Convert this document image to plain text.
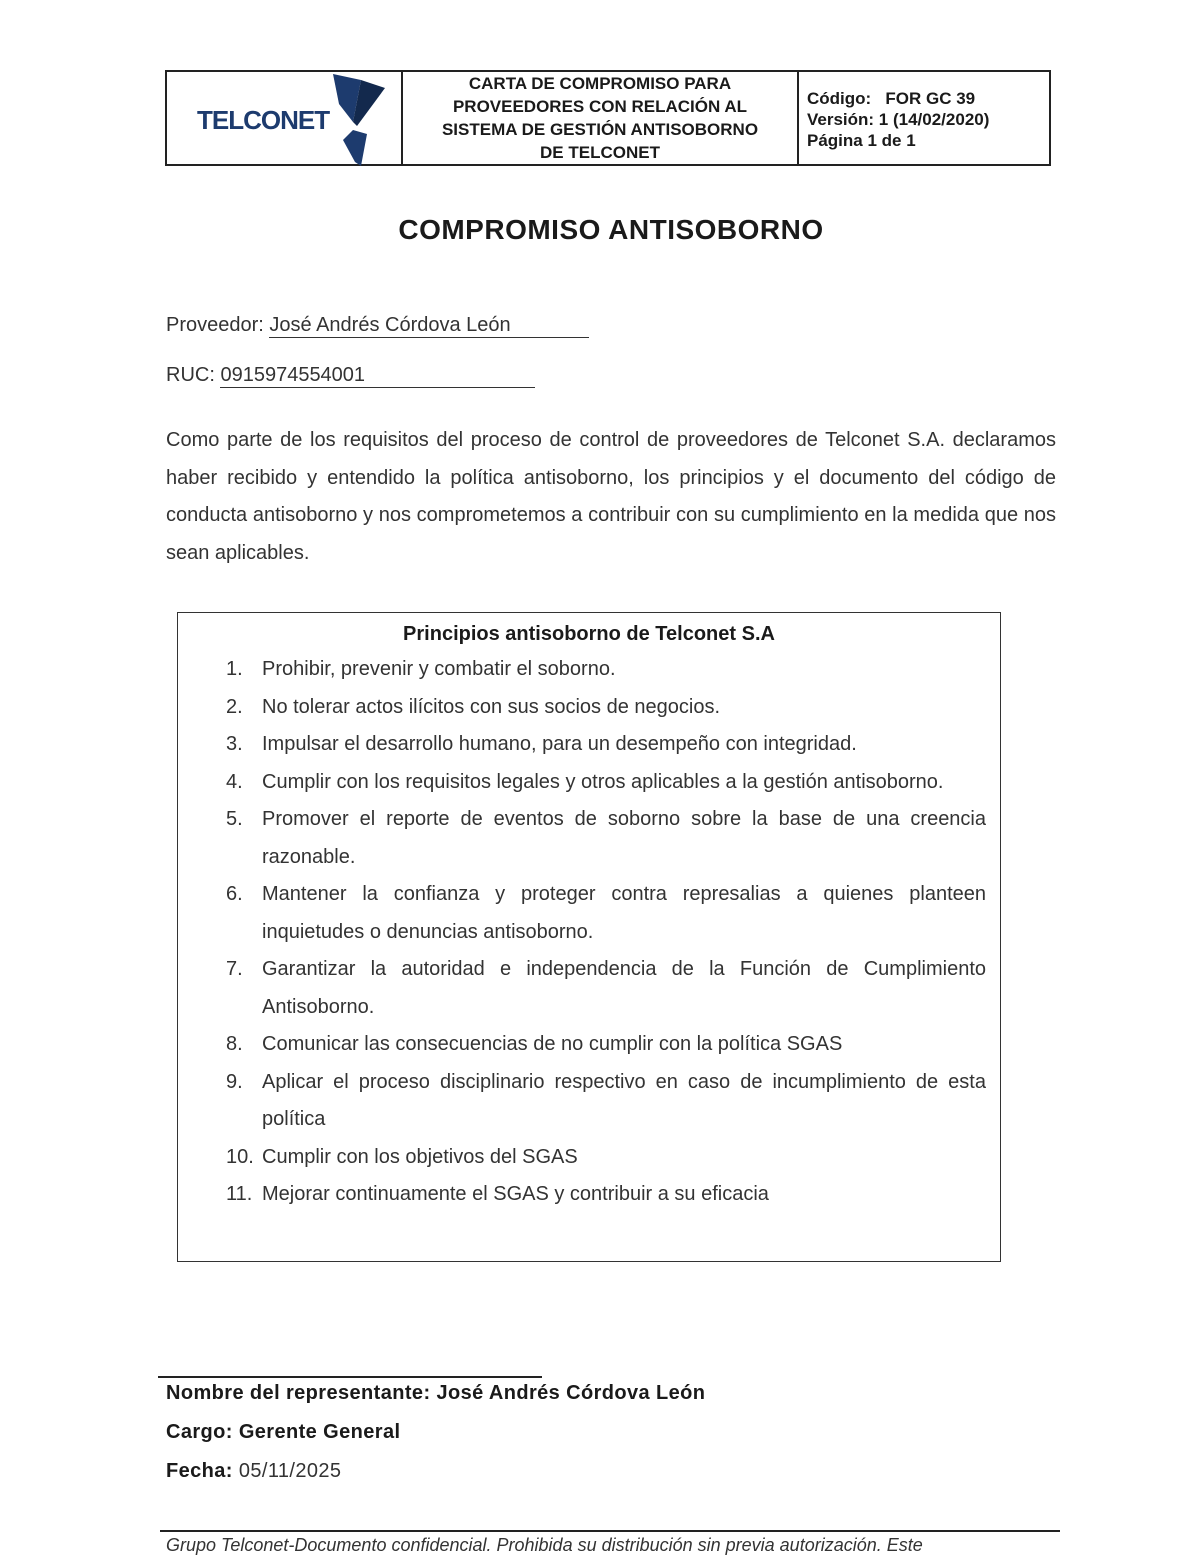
TELCONET
CARTA DE COMPROMISO PARA
PROVEEDORES CON RELACIÓN AL
SISTEMA DE GESTIÓN ANTISOBORNO
DE TELCONET
Código:   FOR GC 39
Versión: 1 (14/02/2020)
Página 1 de 1
COMPROMISO ANTISOBORNO
Proveedor: José Andrés Córdova León
RUC: 0915974554001
Como parte de los requisitos del proceso de control de proveedores de Telconet S.A. declaramos haber recibido y entendido la política antisoborno, los principios y el documento del código de conducta antisoborno y nos comprometemos a contribuir con su cumplimiento en la medida que nos sean aplicables.
Principios antisoborno de Telconet S.A
1. Prohibir, prevenir y combatir el soborno.
2. No tolerar actos ilícitos con sus socios de negocios.
3. Impulsar el desarrollo humano, para un desempeño con integridad.
4. Cumplir con los requisitos legales y otros aplicables a la gestión antisoborno.
5. Promover el reporte de eventos de soborno sobre la base de una creencia razonable.
6. Mantener la confianza y proteger contra represalias a quienes planteen inquietudes o denuncias antisoborno.
7. Garantizar la autoridad e independencia de la Función de Cumplimiento Antisoborno.
8. Comunicar las consecuencias de no cumplir con la política SGAS
9. Aplicar el proceso disciplinario respectivo en caso de incumplimiento de esta política
10. Cumplir con los objetivos del SGAS
11. Mejorar continuamente el SGAS y contribuir a su eficacia
Nombre del representante: José Andrés Córdova León
Cargo: Gerente General
Fecha: 05/11/2025
Grupo Telconet-Documento confidencial. Prohibida su distribución sin previa autorización. Este
